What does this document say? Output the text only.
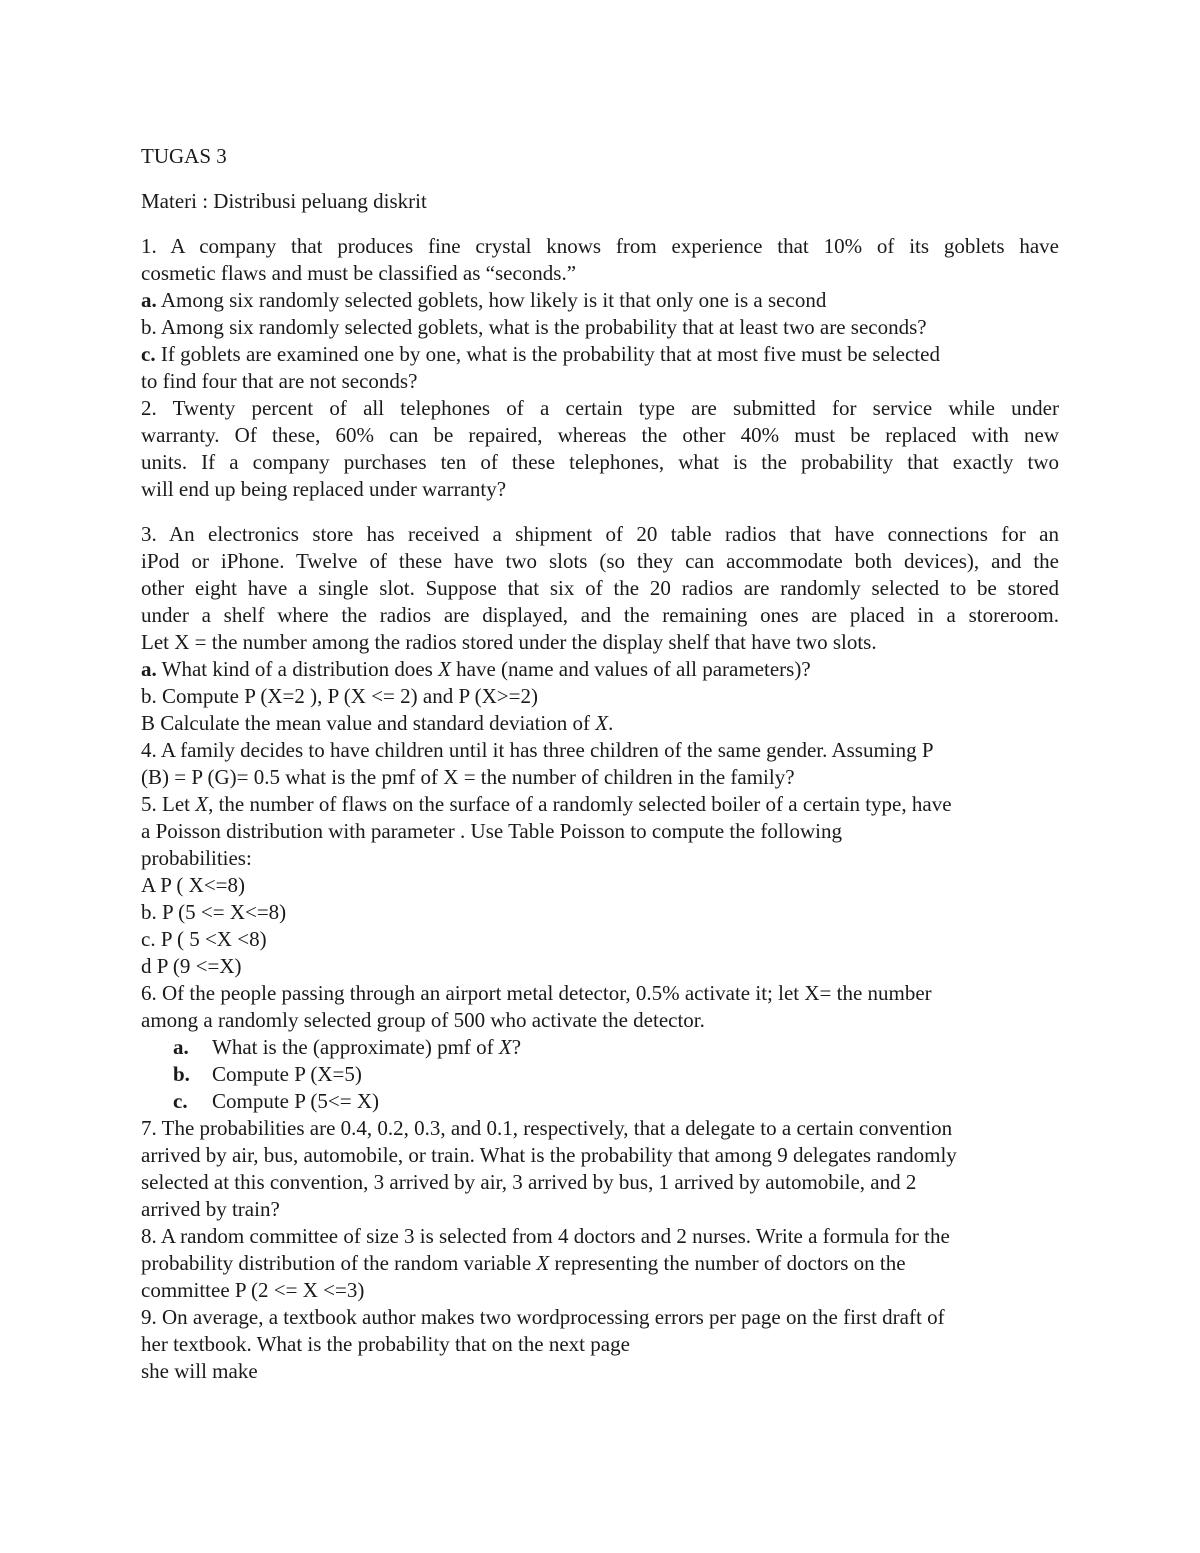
TUGAS 3
Materi : Distribusi peluang diskrit
1. A company that produces fine crystal knows from experience that 10% of its goblets have
cosmetic flaws and must be classified as “seconds.”
a. Among six randomly selected goblets, how likely is it that only one is a second
b. Among six randomly selected goblets, what is the probability that at least two are seconds?
c. If goblets are examined one by one, what is the probability that at most five must be selected
to find four that are not seconds?
2. Twenty percent of all telephones of a certain type are submitted for service while under
warranty. Of these, 60% can be repaired, whereas the other 40% must be replaced with new
units. If a company purchases ten of these telephones, what is the probability that exactly two
will end up being replaced under warranty?
3. An electronics store has received a shipment of 20 table radios that have connections for an
iPod or iPhone. Twelve of these have two slots (so they can accommodate both devices), and the
other eight have a single slot. Suppose that six of the 20 radios are randomly selected to be stored
under a shelf where the radios are displayed, and the remaining ones are placed in a storeroom.
Let X = the number among the radios stored under the display shelf that have two slots.
a. What kind of a distribution does X have (name and values of all parameters)?
b. Compute P (X=2 ), P (X <= 2) and P (X>=2)
B Calculate the mean value and standard deviation of X.
4. A family decides to have children until it has three children of the same gender. Assuming P
(B) = P (G)= 0.5 what is the pmf of X = the number of children in the family?
5. Let X, the number of flaws on the surface of a randomly selected boiler of a certain type, have
a Poisson distribution with parameter . Use Table Poisson to compute the following
probabilities:
A P ( X<=8)
b. P (5 <= X<=8)
c. P ( 5 <X <8)
d P (9 <=X)
6. Of the people passing through an airport metal detector, 0.5% activate it; let X= the number
among a randomly selected group of 500 who activate the detector.
a. What is the (approximate) pmf of X?
b. Compute P (X=5)
c. Compute P (5<= X)
7. The probabilities are 0.4, 0.2, 0.3, and 0.1, respectively, that a delegate to a certain convention
arrived by air, bus, automobile, or train. What is the probability that among 9 delegates randomly
selected at this convention, 3 arrived by air, 3 arrived by bus, 1 arrived by automobile, and 2
arrived by train?
8. A random committee of size 3 is selected from 4 doctors and 2 nurses. Write a formula for the
probability distribution of the random variable X representing the number of doctors on the
committee P (2 <= X <=3)
9. On average, a textbook author makes two wordprocessing errors per page on the first draft of
her textbook. What is the probability that on the next page
she will make
